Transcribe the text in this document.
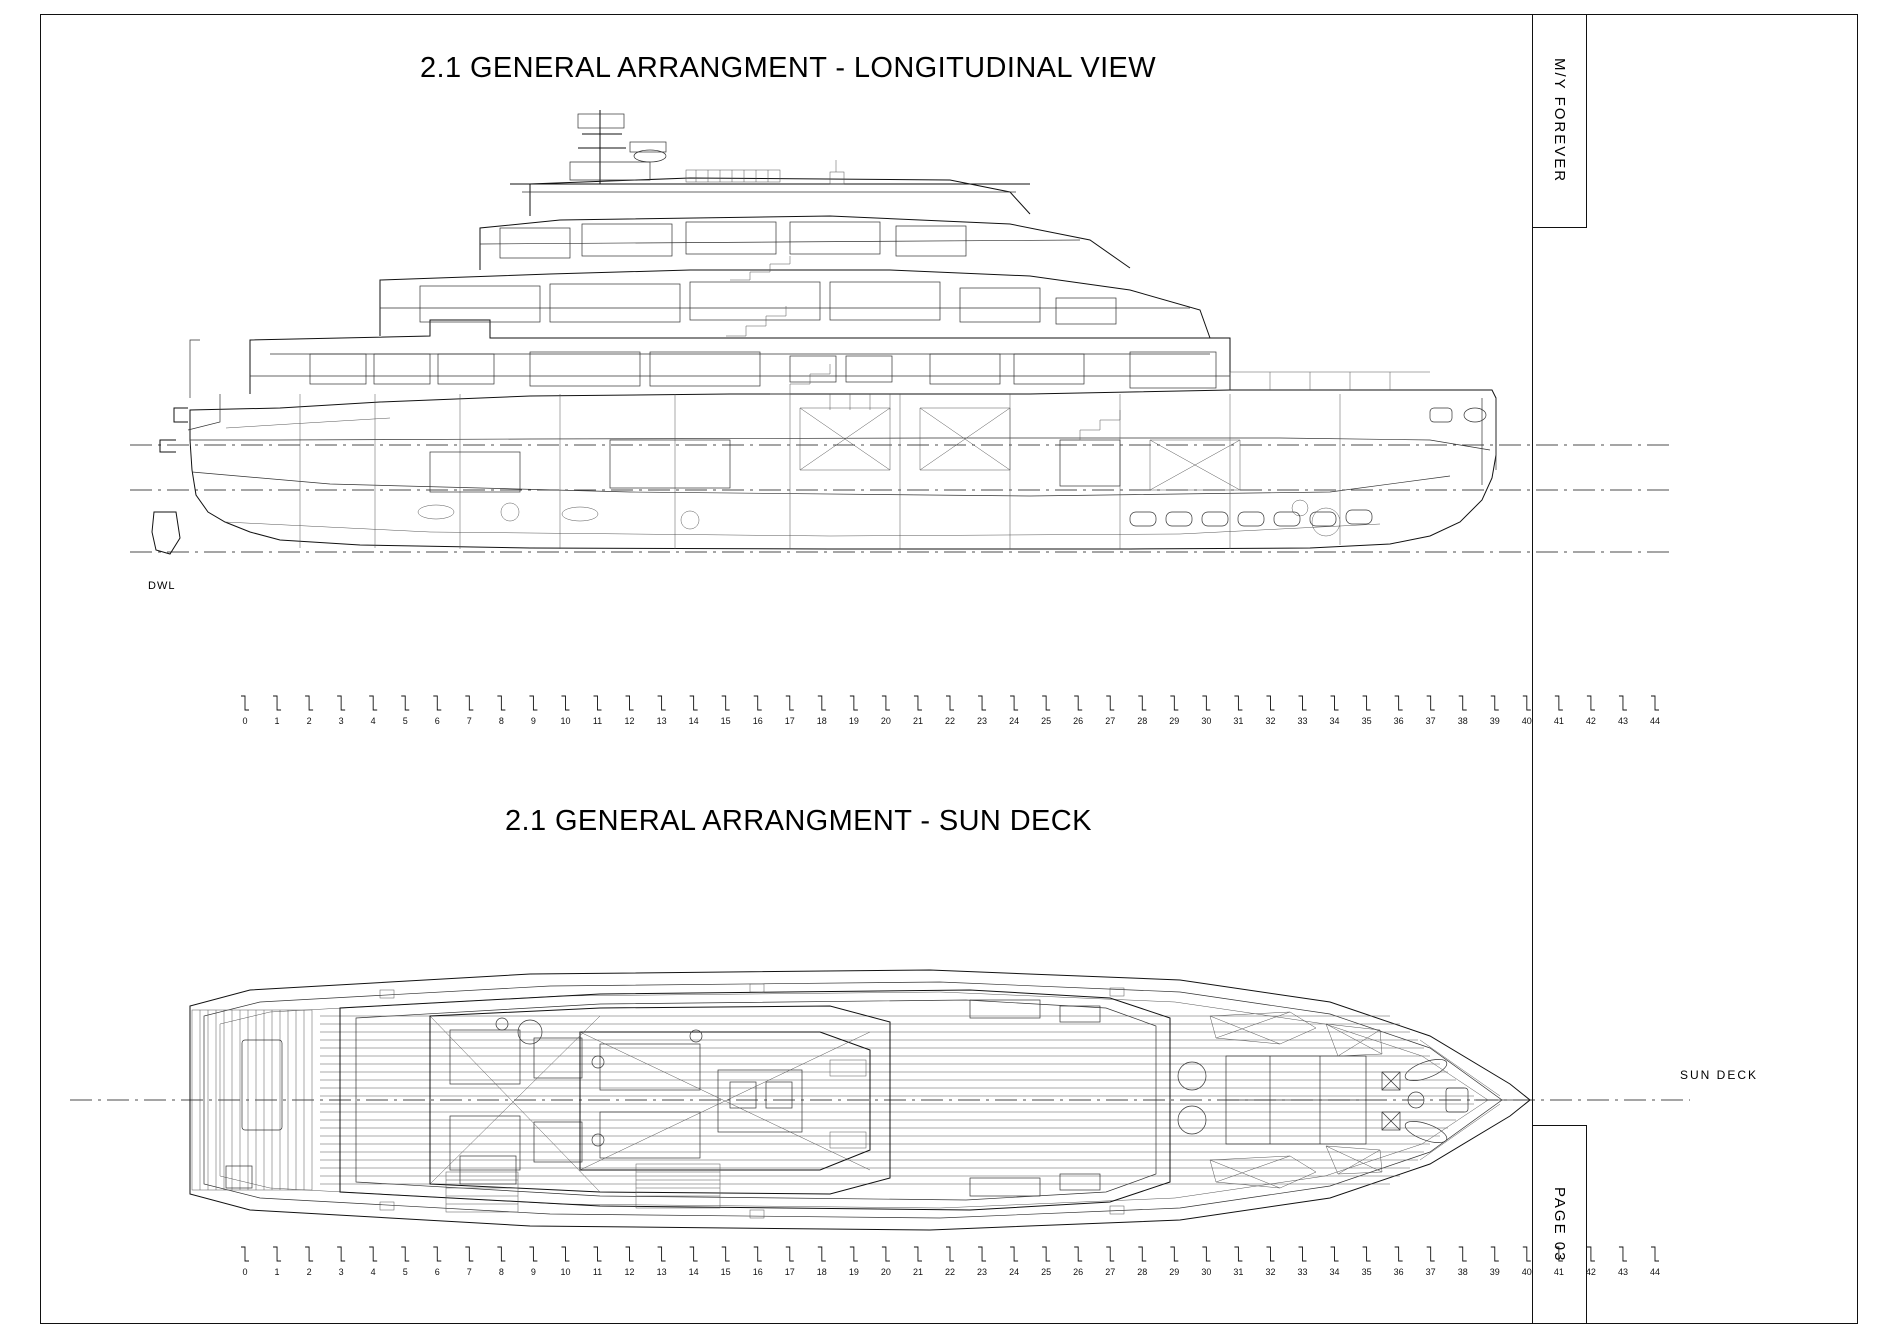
M/Y FOREVER
PAGE 03
2.1 GENERAL ARRANGMENT - LONGITUDINAL VIEW
2.1 GENERAL ARRANGMENT - SUN DECK
DWL
SUN DECK
0	1	2	3	4	5	6	7	8	9	10 11 12 13 14 15 16 17 18 19 20 21 22 23 24 25 26 27 28 29 30 31 32 33 34 35 36 37 38 39 40 41 42 43 44
0	1	2	3	4	5	6	7	8	9	10 11 12 13 14 15 16 17 18 19 20 21 22 23 24 25 26 27 28 29 30 31 32 33 34 35 36 37 38 39 40 41 42 43 44
